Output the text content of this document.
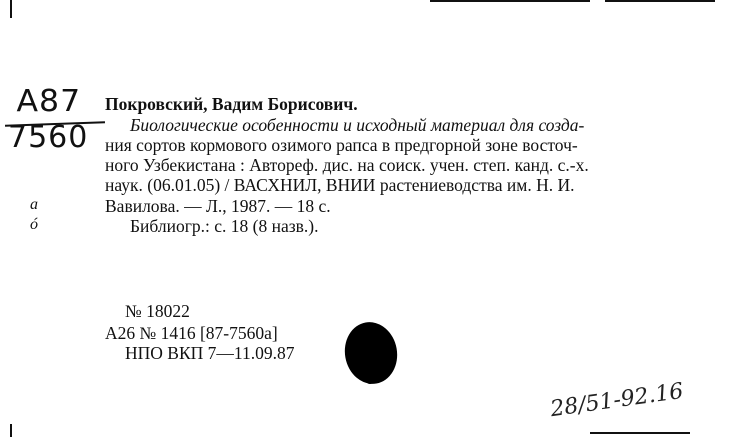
A87
7560
a
ó
Покровский, Вадим Борисович.
Биологические особенности и исходный материал для созда-
ния сортов кормового озимого рапса в предгорной зоне восточ-
ного Узбекистана : Автореф. дис. на соиск. учен. степ. канд. с.-х.
наук. (06.01.05) / ВАСХНИЛ, ВНИИ растениеводства им. Н. И.
Вавилова. — Л., 1987. — 18 с.
Библиогр.: с. 18 (8 назв.).
№ 18022
А26 № 1416 [87-7560а]
НПО ВКП 7—11.09.87
28/51-92.16
